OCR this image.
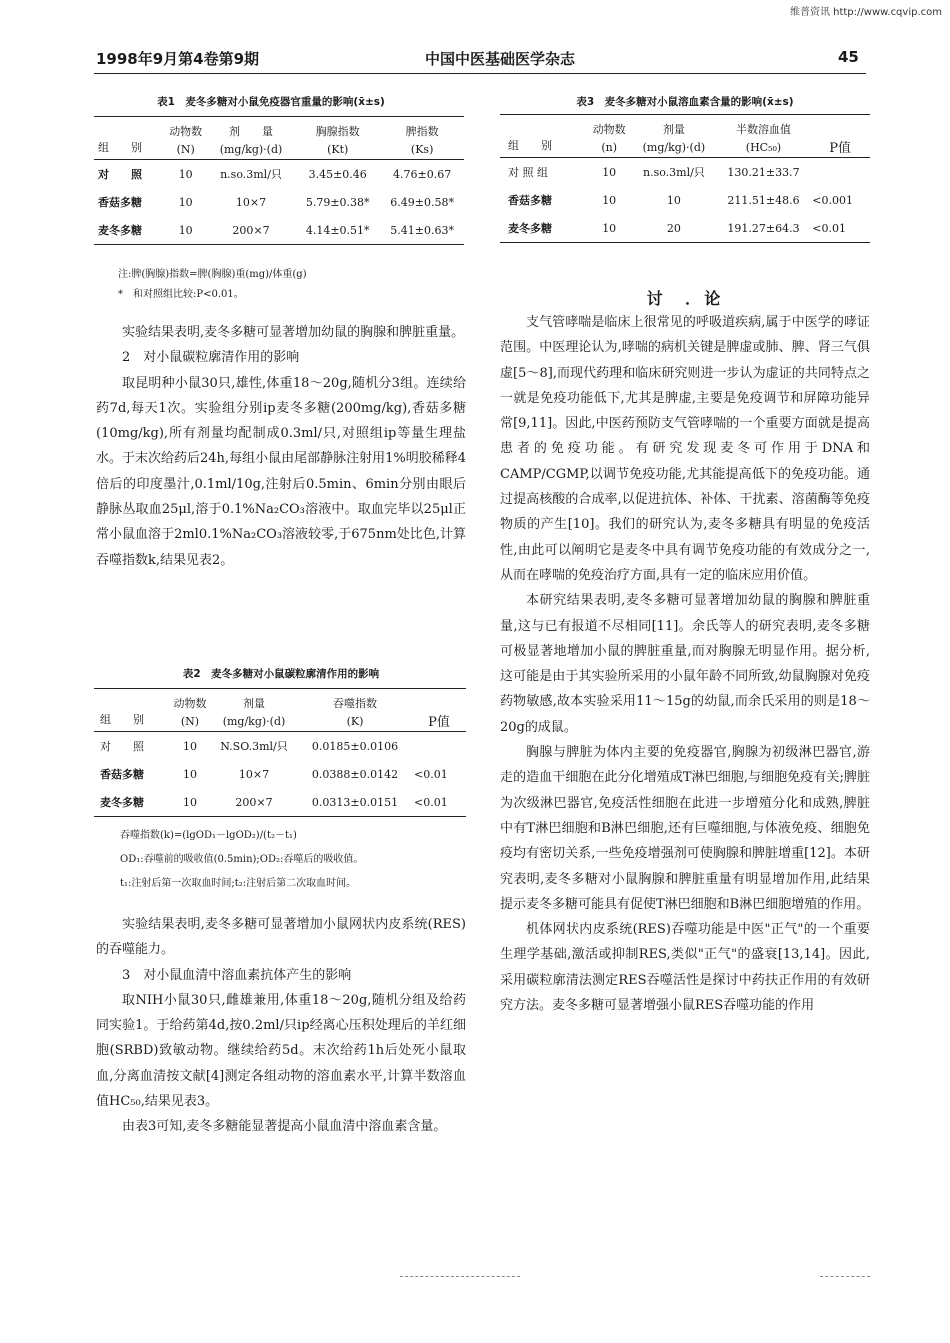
维普资讯 http://www.cqvip.com
1998年9月第4卷第9期	中国中医基础医学杂志	45
表1　麦冬多糖对小鼠免疫器官重量的影响(x̄±s)
	动物数	剂　　量	胸腺指数	脾指数
组　　别	(N)	(mg/kg)·(d)	(Kt)	(Ks)
对　　照	10	n.so.3ml/只	3.45±0.46	4.76±0.67
香菇多糖	10	10×7	5.79±0.38*	6.49±0.58*
麦冬多糖	10	200×7	4.14±0.51*	5.41±0.63*
注:脾(胸腺)指数=脾(胸腺)重(mg)/体重(g)
*　和对照组比较:P<0.01。
表3　麦冬多糖对小鼠溶血素含量的影响(x̄±s)
	动物数	剂量	半数溶血值	
组　　别	(n)	(mg/kg)·(d)	(HC₅₀)	P值
对 照 组	10	n.so.3ml/只	130.21±33.7	
香菇多糖	10	10	211.51±48.6	<0.001
麦冬多糖	10	20	191.27±64.3	<0.01

实验结果表明,麦冬多糖可显著增加幼鼠的胸腺和脾脏重量。

2　对小鼠碳粒廓清作用的影响

取昆明种小鼠30只,雄性,体重18～20g,随机分3组。连续给药7d,每天1次。实验组分别ip麦冬多糖(200mg/kg),香菇多糖(10mg/kg),所有剂量均配制成0.3ml/只,对照组ip等量生理盐水。于末次给药后24h,每组小鼠由尾部静脉注射用1%明胶稀释4倍后的印度墨汁,0.1ml/10g,注射后0.5min、6min分别由眼后静脉丛取血25μl,溶于0.1%Na₂CO₃溶液中。取血完毕以25μl正常小鼠血溶于2ml0.1%Na₂CO₃溶液较零,于675nm处比色,计算吞噬指数k,结果见表2。

表2　麦冬多糖对小鼠碳粒廓清作用的影响
	动物数	剂量	吞噬指数	
组　　别	(N)	(mg/kg)·(d)	(K)	P值
对　　照	10	N.SO.3ml/只	0.0185±0.0106	
香菇多糖	10	10×7	0.0388±0.0142	<0.01
麦冬多糖	10	200×7	0.0313±0.0151	<0.01
吞噬指数(k)=(lgOD₁－lgOD₂)/(t₂－t₁)
OD₁:吞噬前的吸收值(0.5min);OD₂:吞噬后的吸收值。
t₁:注射后第一次取血时间;t₂:注射后第二次取血时间。

实验结果表明,麦冬多糖可显著增加小鼠网状内皮系统(RES)的吞噬能力。

3　对小鼠血清中溶血素抗体产生的影响

取NIH小鼠30只,雌雄兼用,体重18～20g,随机分组及给药同实验1。于给药第4d,按0.2ml/只ip经离心压积处理后的羊红细胞(SRBD)致敏动物。继续给药5d。末次给药1h后处死小鼠取血,分离血清按文献[4]测定各组动物的溶血素水平,计算半数溶血值HC₅₀,结果见表3。

由表3可知,麦冬多糖能显著提高小鼠血清中溶血素含量。

讨　．论

支气管哮喘是临床上很常见的呼吸道疾病,属于中医学的哮证范围。中医理论认为,哮喘的病机关键是脾虚或肺、脾、肾三气俱虚[5～8],而现代药理和临床研究则进一步认为虚证的共同特点之一就是免疫功能低下,尤其是脾虚,主要是免疫调节和屏障功能异常[9,11]。因此,中医药预防支气管哮喘的一个重要方面就是提高患者的免疫功能。有研究发现麦冬可作用于DNA和CAMP/CGMP,以调节免疫功能,尤其能提高低下的免疫功能。通过提高核酸的合成率,以促进抗体、补体、干扰素、溶菌酶等免疫物质的产生[10]。我们的研究认为,麦冬多糖具有明显的免疫活性,由此可以阐明它是麦冬中具有调节免疫功能的有效成分之一,从而在哮喘的免疫治疗方面,具有一定的临床应用价值。

本研究结果表明,麦冬多糖可显著增加幼鼠的胸腺和脾脏重量,这与已有报道不尽相同[11]。余氏等人的研究表明,麦冬多糖可极显著地增加小鼠的脾脏重量,而对胸腺无明显作用。据分析,这可能是由于其实验所采用的小鼠年龄不同所致,幼鼠胸腺对免疫药物敏感,故本实验采用11～15g的幼鼠,而余氏采用的则是18～20g的成鼠。

胸腺与脾脏为体内主要的免疫器官,胸腺为初级淋巴器官,游走的造血干细胞在此分化增殖成T淋巴细胞,与细胞免疫有关;脾脏为次级淋巴器官,免疫活性细胞在此进一步增殖分化和成熟,脾脏中有T淋巴细胞和B淋巴细胞,还有巨噬细胞,与体液免疫、细胞免疫均有密切关系,一些免疫增强剂可使胸腺和脾脏增重[12]。本研究表明,麦冬多糖对小鼠胸腺和脾脏重量有明显增加作用,此结果提示麦冬多糖可能具有促使T淋巴细胞和B淋巴细胞增殖的作用。

机体网状内皮系统(RES)吞噬功能是中医"正气"的一个重要生理学基础,激活或抑制RES,类似"正气"的盛衰[13,14]。因此,采用碳粒廓清法测定RES吞噬活性是探讨中药扶正作用的有效研究方法。麦冬多糖可显著增强小鼠RES吞噬功能的作用
